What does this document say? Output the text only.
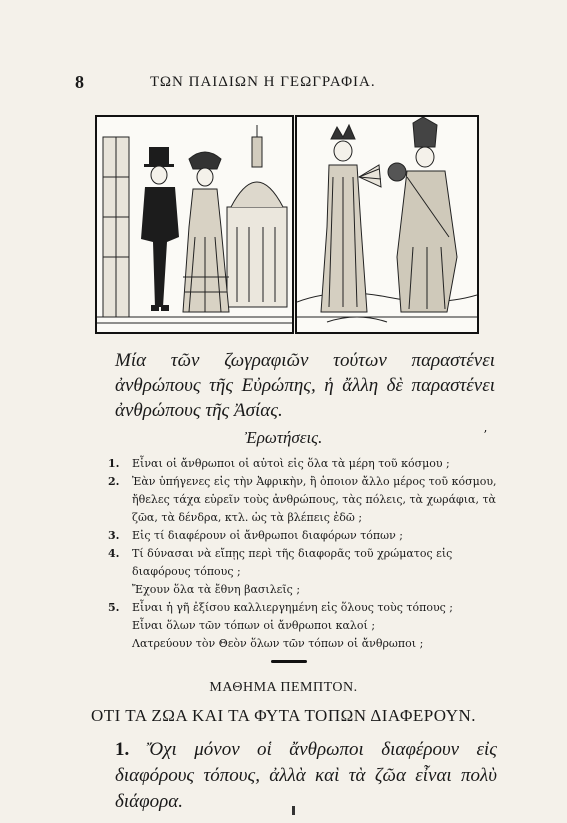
8	ΤΩΝ ΠΑΙΔΙΩΝ Η ΓΕΩΓΡΑΦΙΑ.
Μία τῶν ζωγραφιῶν τούτων παραστένει ἀνθρώπους τῆς Εὐρώπης, ἡ ἄλλη δὲ παραστένει ἀνθρώπους τῆς Ἀσίας.
Ἐρωτήσεις.	ʼ
1.	Εἶναι οἱ ἄνθρωποι οἱ αὐτοὶ εἰς ὅλα τὰ μέρη τοῦ κόσμου ;
2.	Ἐὰν ὑπήγενες εἰς τὴν Ἀφρικὴν, ἢ ὁποιον ἄλλο μέρος τοῦ κόσμου, ἤθελες τάχα εὑρεῖν τοὺς ἀνθρώπους, τὰς πόλεις, τὰ χωράφια, τὰ ζῶα, τὰ δένδρα, κτλ. ὡς τὰ βλέπεις ἐδῶ ;
3.	Εἰς τί διαφέρουν οἱ ἄνθρωποι διαφόρων τόπων ;
4.	Τί δύνασαι νὰ εἴπῃς περὶ τῆς διαφορᾶς τοῦ χρώματος εἰς διαφόρους τόπους ;
Ἔχουν ὅλα τὰ ἔθνη βασιλεῖς ;
5.	Εἶναι ἡ γῆ ἐξίσου καλλιεργημένη εἰς ὅλους τοὺς τόπους ;
Εἶναι ὅλων τῶν τόπων οἱ ἄνθρωποι καλοί ;
Λατρεύουν τὸν Θεὸν ὅλων τῶν τόπων οἱ ἄνθρωποι ;
ΜΑΘΗΜΑ ΠΕΜΠΤΟΝ.
ΟΤΙ ΤΑ ΖΩΑ ΚΑΙ ΤΑ ΦΥΤΑ ΤΟΠΩΝ ΔΙΑΦΕΡΟΥΝ.
1. Ὄχι μόνον οἱ ἄνθρωποι διαφέρουν εἰς διαφόρους τόπους, ἀλλὰ καὶ τὰ ζῶα εἶναι πολὺ διάφορα.
